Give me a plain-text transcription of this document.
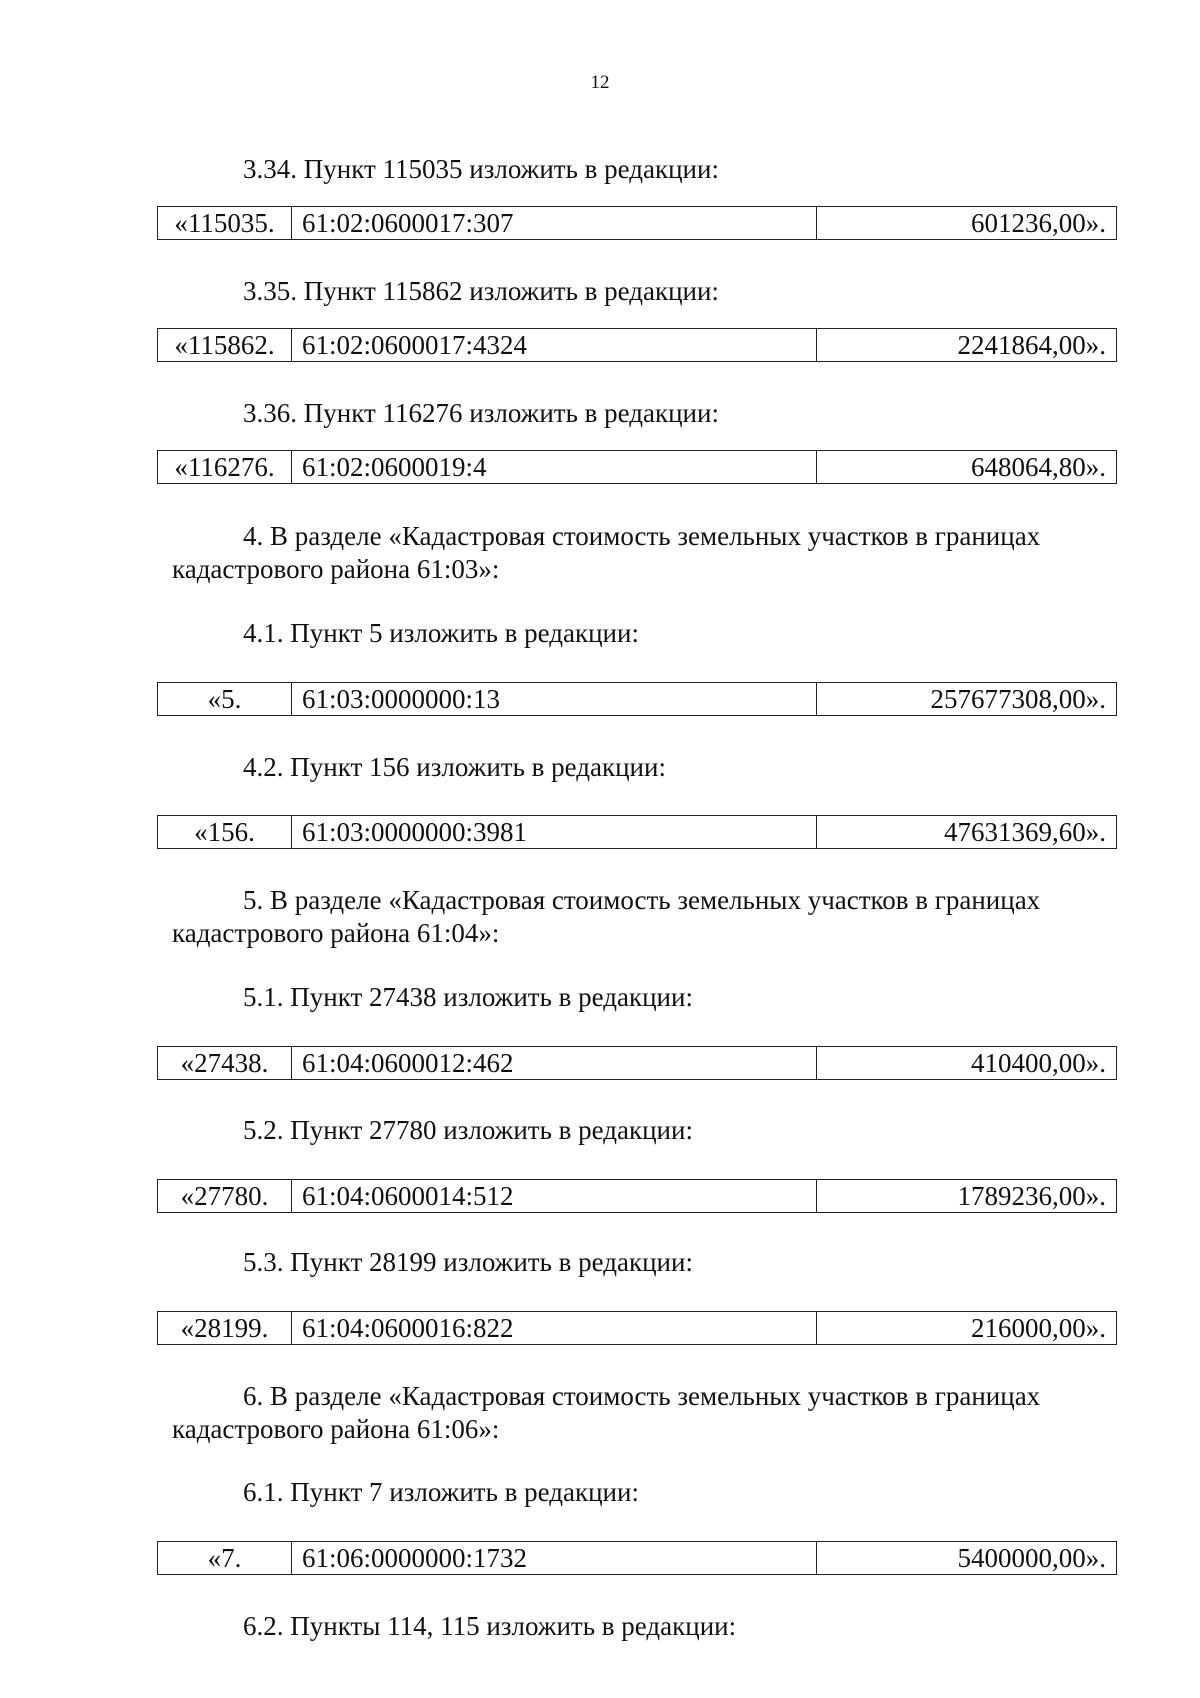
12
3.34. Пункт 115035 изложить в редакции:
«115035.	61:02:0600017:307	601236,00».
3.35. Пункт 115862 изложить в редакции:
«115862.	61:02:0600017:4324	2241864,00».
3.36. Пункт 116276 изложить в редакции:
«116276.	61:02:0600019:4	648064,80».
4. В разделе «Кадастровая стоимость земельных участков в границах
кадастрового района 61:03»:
4.1. Пункт 5 изложить в редакции:
«5.	61:03:0000000:13	257677308,00».
4.2. Пункт 156 изложить в редакции:
«156.	61:03:0000000:3981	47631369,60».
5. В разделе «Кадастровая стоимость земельных участков в границах
кадастрового района 61:04»:
5.1. Пункт 27438 изложить в редакции:
«27438.	61:04:0600012:462	410400,00».
5.2. Пункт 27780 изложить в редакции:
«27780.	61:04:0600014:512	1789236,00».
5.3. Пункт 28199 изложить в редакции:
«28199.	61:04:0600016:822	216000,00».
6. В разделе «Кадастровая стоимость земельных участков в границах
кадастрового района 61:06»:
6.1. Пункт 7 изложить в редакции:
«7.	61:06:0000000:1732	5400000,00».
6.2. Пункты 114, 115 изложить в редакции:
